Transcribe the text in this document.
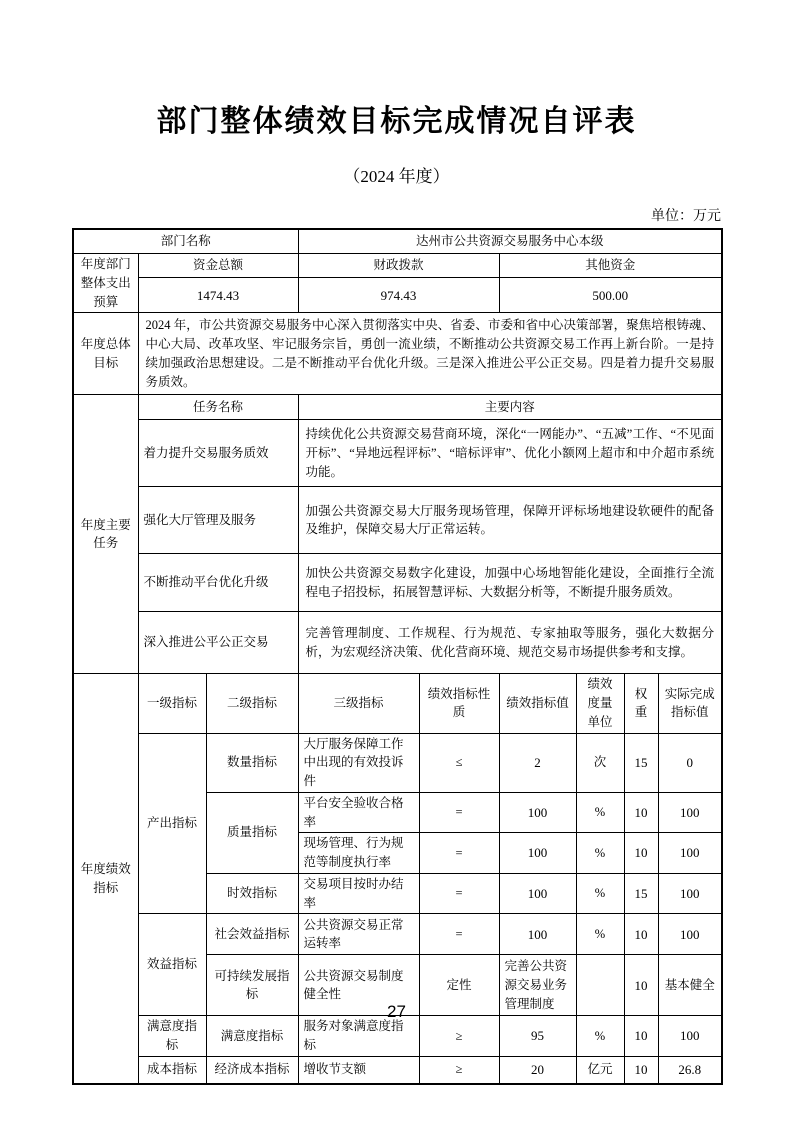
部门整体绩效目标完成情况自评表
（2024 年度）
单位：万元
部门名称			达州市公共资源交易服务中心本级					
年度部门整体支出预算	资金总额		财政拨款		其他资金			
	1474.43		974.43		500.00			
年度总体目标	2024 年，市公共资源交易服务中心深入贯彻落实中央、省委、市委和省中心决策部署，聚焦培根铸魂、中心大局、改革攻坚、牢记服务宗旨，勇创一流业绩，不断推动公共资源交易工作再上新台阶。一是持续加强政治思想建设。二是不断推动平台优化升级。三是深入推进公平公正交易。四是着力提升交易服务质效。							
年度主要任务	任务名称		主要内容					
	着力提升交易服务质效		持续优化公共资源交易营商环境，深化“一网能办”、“五减”工作、“不见面开标”、“异地远程评标”、“暗标评审”、优化小额网上超市和中介超市系统功能。					
	强化大厅管理及服务		加强公共资源交易大厅服务现场管理，保障开评标场地建设软硬件的配备及维护，保障交易大厅正常运转。					
	不断推动平台优化升级		加快公共资源交易数字化建设，加强中心场地智能化建设，全面推行全流程电子招投标，拓展智慧评标、大数据分析等，不断提升服务质效。					
	深入推进公平公正交易		完善管理制度、工作规程、行为规范、专家抽取等服务，强化大数据分析，为宏观经济决策、优化营商环境、规范交易市场提供参考和支撑。					
年度绩效指标	一级指标	二级指标	三级指标	绩效指标性质	绩效指标值	绩效度量单位	权重	实际完成指标值
	产出指标	数量指标	大厅服务保障工作中出现的有效投诉件	≤	2	次	15	0
		质量指标	平台安全验收合格率	=	100	%	10	100
			现场管理、行为规范等制度执行率	=	100	%	10	100
		时效指标	交易项目按时办结率	=	100	%	15	100
	效益指标	社会效益指标	公共资源交易正常运转率	=	100	%	10	100
		可持续发展指标	公共资源交易制度健全性	定性	完善公共资源交易业务管理制度		10	基本健全
	满意度指标	满意度指标	服务对象满意度指标	≥	95	%	10	100
	成本指标	经济成本指标	增收节支额	≥	20	亿元	10	26.8
27
